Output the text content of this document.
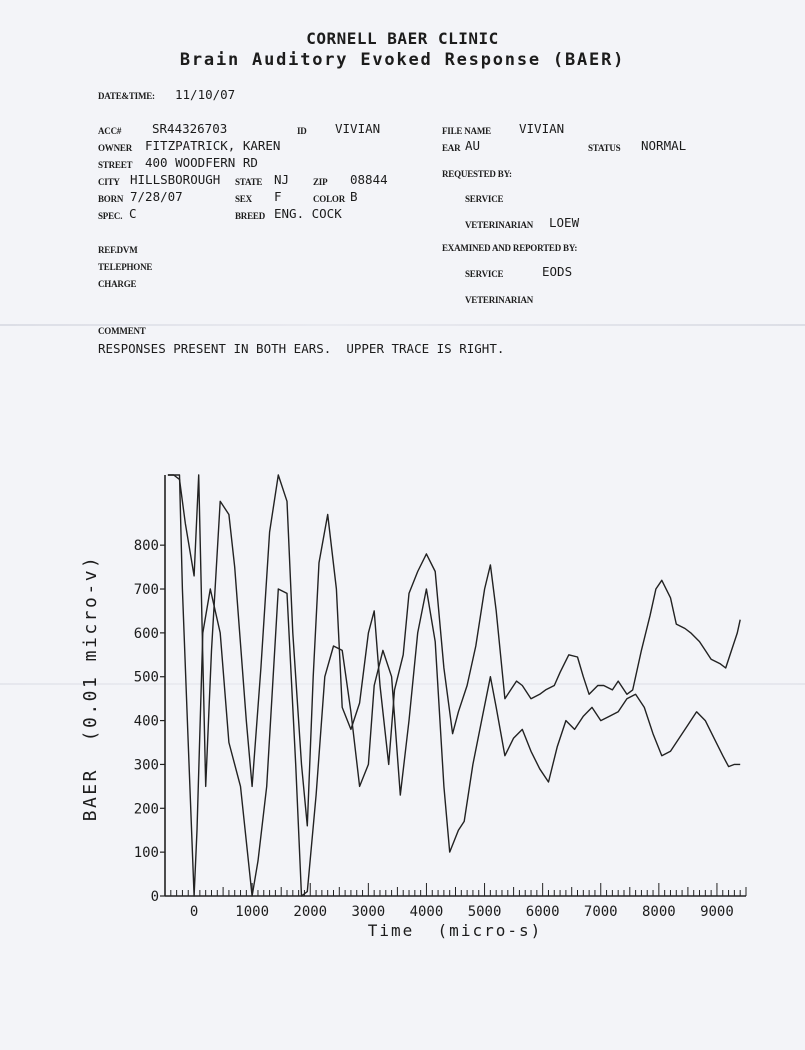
CORNELL BAER CLINIC
Brain Auditory Evoked Response (BAER)
DATE&TIME: 11/10/07
ACC# SR44326703	ID VIVIAN
OWNER FITZPATRICK, KAREN
STREET 400 WOODFERN RD
CITY HILLSBOROUGH STATE NJ	ZIP 08844
BORN 7/28/07	SEX F	COLOR B
SPEC. C	BREED ENG. COCK
REF.DVM
TELEPHONE
CHARGE
FILE NAME VIVIAN
EAR AU	STATUS NORMAL
REQUESTED BY:
SERVICE
VETERINARIAN LOEW
EXAMINED AND REPORTED BY:
SERVICE	EODS
VETERINARIAN
COMMENT
RESPONSES PRESENT IN BOTH EARS.  UPPER TRACE IS RIGHT.
0	1000 2000 3000 4000 5000 6000 7000 8000 9000
0
100
200
300
400
500
600
700
800
Time  (micro-s)
BAER  (0.01 micro-v)
